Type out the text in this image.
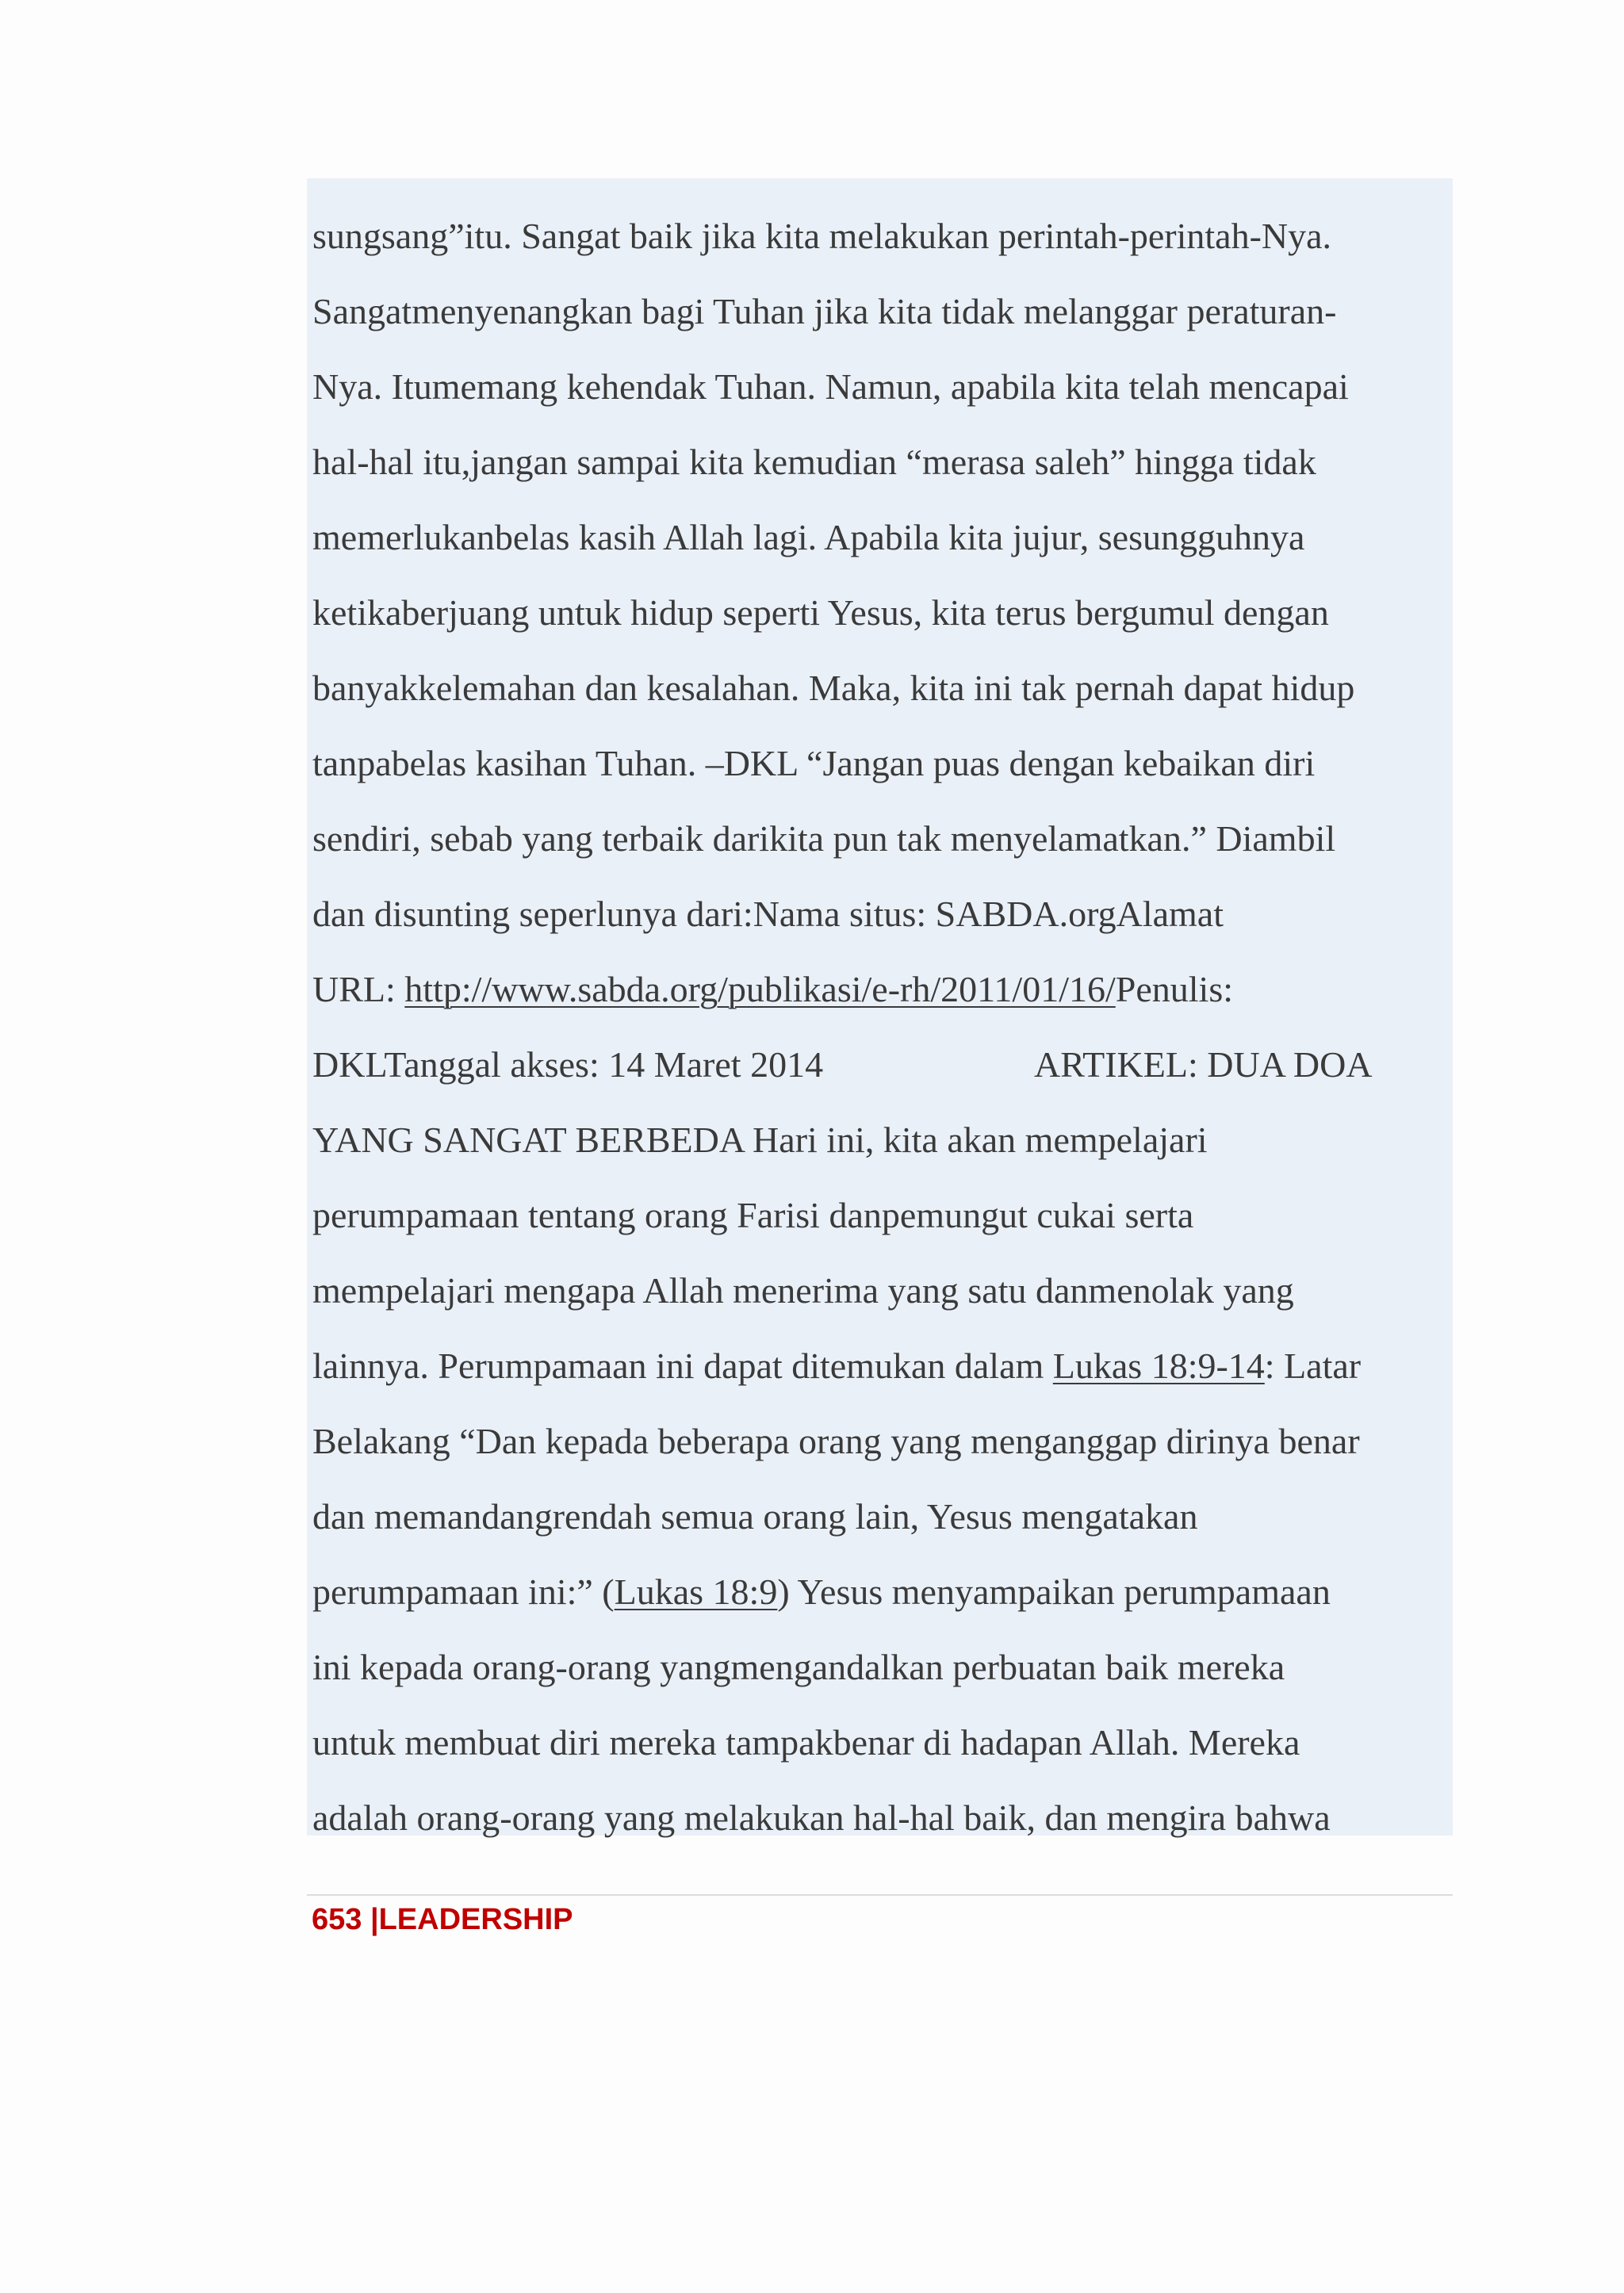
sungsang”itu. Sangat baik jika kita melakukan perintah-perintah-Nya.
Sangatmenyenangkan bagi Tuhan jika kita tidak melanggar peraturan-
Nya. Itumemang kehendak Tuhan. Namun, apabila kita telah mencapai
hal-hal itu,jangan sampai kita kemudian “merasa saleh” hingga tidak
memerlukanbelas kasih Allah lagi. Apabila kita jujur, sesungguhnya
ketikaberjuang untuk hidup seperti Yesus, kita terus bergumul dengan
banyakkelemahan dan kesalahan. Maka, kita ini tak pernah dapat hidup
tanpabelas kasihan Tuhan. –DKL “Jangan puas dengan kebaikan diri
sendiri, sebab yang terbaik darikita pun tak menyelamatkan.” Diambil
dan disunting seperlunya dari:Nama situs: SABDA.orgAlamat
URL: http://www.sabda.org/publikasi/e-rh/2011/01/16/Penulis:
DKLTanggal akses: 14 Maret 2014	ARTIKEL: DUA DOA
YANG SANGAT BERBEDA Hari ini, kita akan mempelajari
perumpamaan tentang orang Farisi danpemungut cukai serta
mempelajari mengapa Allah menerima yang satu danmenolak yang
lainnya. Perumpamaan ini dapat ditemukan dalam Lukas 18:9-14: Latar
Belakang “Dan kepada beberapa orang yang menganggap dirinya benar
dan memandangrendah semua orang lain, Yesus mengatakan
perumpamaan ini:” (Lukas 18:9) Yesus menyampaikan perumpamaan
ini kepada orang-orang yangmengandalkan perbuatan baik mereka
untuk membuat diri mereka tampakbenar di hadapan Allah. Mereka
adalah orang-orang yang melakukan hal-hal baik, dan mengira bahwa
653 |LEADERSHIP
